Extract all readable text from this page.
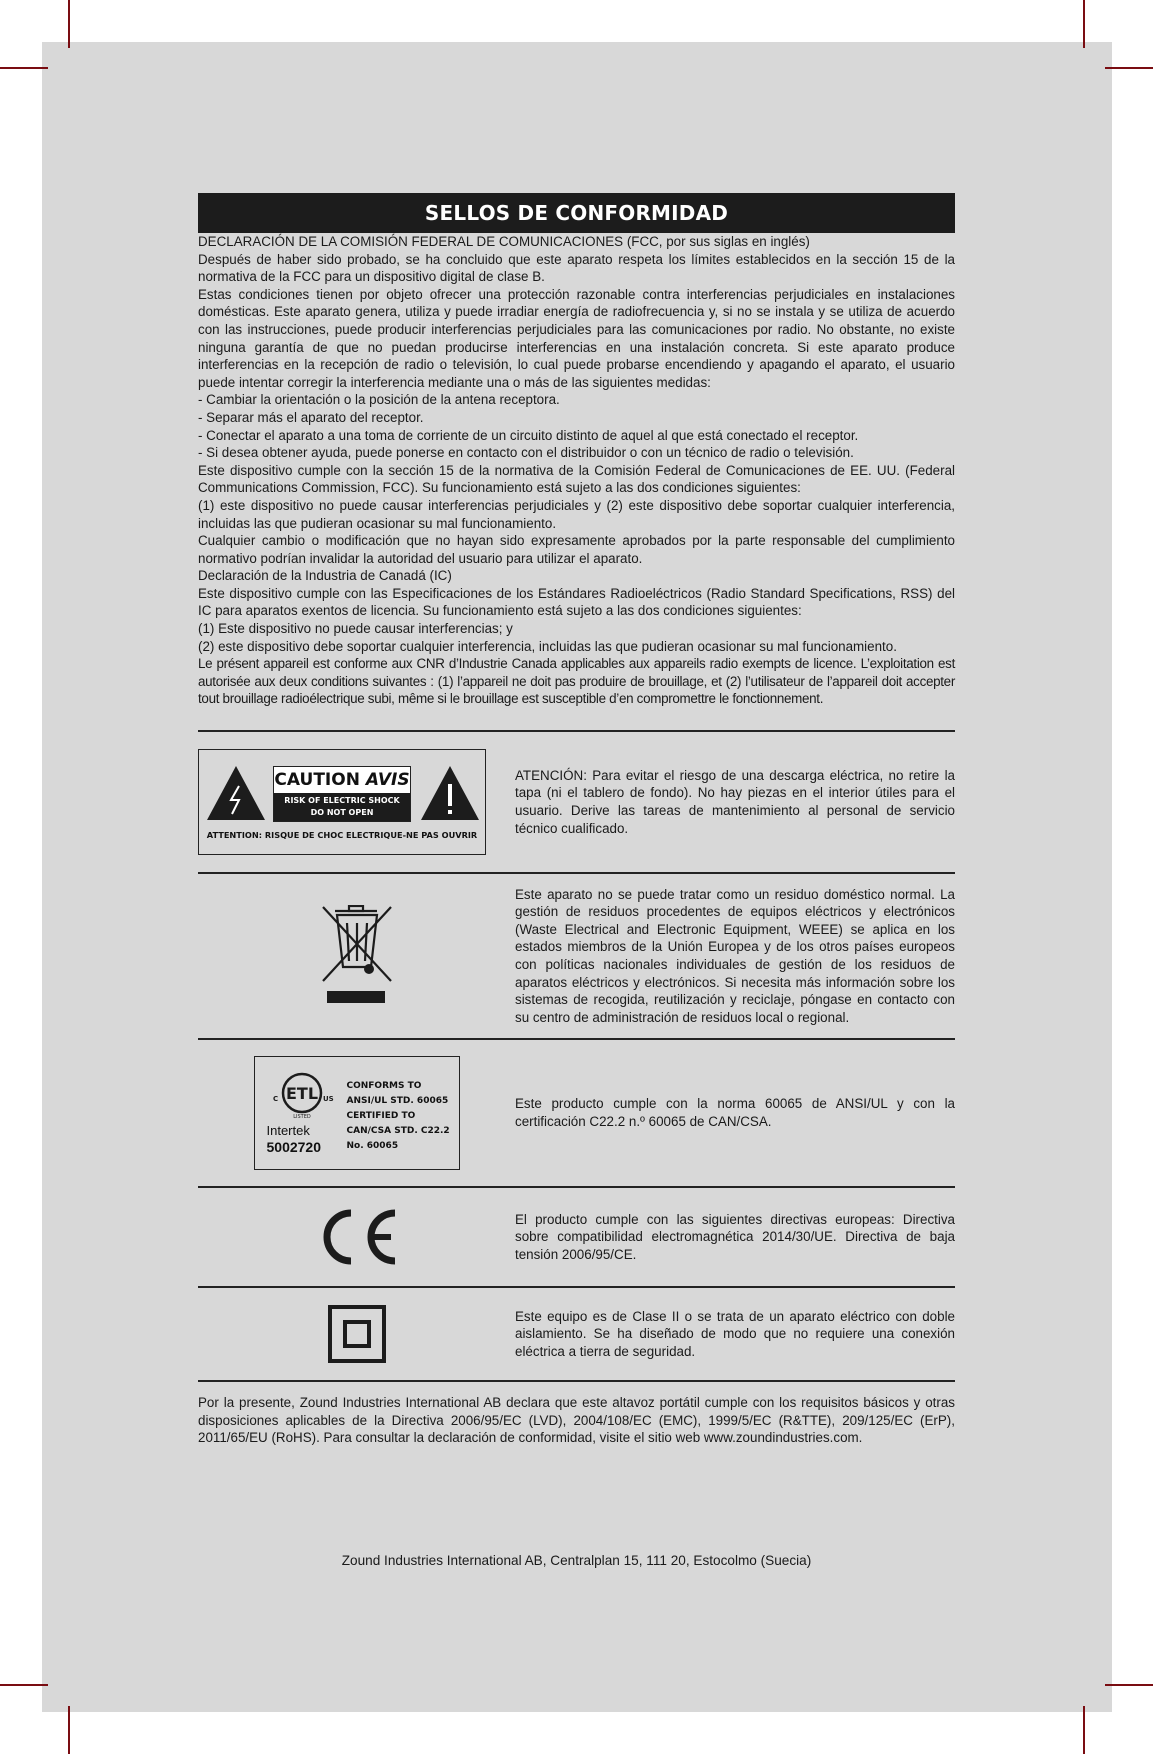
SELLOS DE CONFORMIDAD

DECLARACIÓN DE LA COMISIÓN FEDERAL DE COMUNICACIONES (FCC, por sus siglas en inglés)
Después de haber sido probado, se ha concluido que este aparato respeta los límites establecidos en la sección 15 de la normativa de la FCC para un dispositivo digital de clase B.

Estas condiciones tienen por objeto ofrecer una protección razonable contra interferencias perjudiciales en instalaciones domésticas. Este aparato genera, utiliza y puede irradiar energía de radiofrecuencia y, si no se instala y se utiliza de acuerdo con las instrucciones, puede producir interferencias perjudiciales para las comunicaciones por radio. No obstante, no existe ninguna garantía de que no puedan producirse interferencias en una instalación concreta. Si este aparato produce interferencias en la recepción de radio o televisión, lo cual puede probarse encendiendo y apagando el aparato, el usuario puede intentar corregir la interferencia mediante una o más de las siguientes medidas:
- Cambiar la orientación o la posición de la antena receptora.
- Separar más el aparato del receptor.
- Conectar el aparato a una toma de corriente de un circuito distinto de aquel al que está conectado el receptor.
- Si desea obtener ayuda, puede ponerse en contacto con el distribuidor o con un técnico de radio o televisión.

Este dispositivo cumple con la sección 15 de la normativa de la Comisión Federal de Comunicaciones de EE. UU. (Federal Communications Commission, FCC). Su funcionamiento está sujeto a las dos condiciones siguientes:
(1) este dispositivo no puede causar interferencias perjudiciales y (2) este dispositivo debe soportar cualquier interferencia, incluidas las que pudieran ocasionar su mal funcionamiento.
Cualquier cambio o modificación que no hayan sido expresamente aprobados por la parte responsable del cumplimiento normativo podrían invalidar la autoridad del usuario para utilizar el aparato.

Declaración de la Industria de Canadá (IC)
Este dispositivo cumple con las Especificaciones de los Estándares Radioeléctricos (Radio Standard Specifications, RSS) del IC para aparatos exentos de licencia. Su funcionamiento está sujeto a las dos condiciones siguientes:
(1) Este dispositivo no puede causar interferencias; y
(2) este dispositivo debe soportar cualquier interferencia, incluidas las que pudieran ocasionar su mal funcionamiento.

Le présent appareil est conforme aux CNR d’Industrie Canada applicables aux appareils radio exempts de licence. L’exploitation est autorisée aux deux conditions suivantes : (1) l’appareil ne doit pas produire de brouillage, et (2) l’utilisateur de l’appareil doit accepter tout brouillage radioélectrique subi, même si le brouillage est susceptible d’en compromettre le fonctionnement.

CAUTION AVIS
RISK OF ELECTRIC SHOCK
DO NOT OPEN
ATTENTION: RISQUE DE CHOC ELECTRIQUE-NE PAS OUVRIR
ATENCIÓN: Para evitar el riesgo de una descarga eléctrica, no retire la tapa (ni el tablero de fondo). No hay piezas en el interior útiles para el usuario. Derive las tareas de mantenimiento al personal de servicio técnico cualificado.
Este aparato no se puede tratar como un residuo doméstico normal. La gestión de residuos procedentes de equipos eléctricos y electrónicos (Waste Electrical and Electronic Equipment, WEEE) se aplica en los estados miembros de la Unión Europea y de los otros países europeos con políticas nacionales individuales de gestión de los residuos de aparatos eléctricos y electrónicos. Si necesita más información sobre los sistemas de recogida, reutilización y reciclaje, póngase en contacto con su centro de administración de residuos local o regional.
ETL
C	US
LISTED
Intertek
5002720
CONFORMS TO
ANSI/UL STD. 60065
CERTIFIED TO
CAN/CSA STD. C22.2
No. 60065
Este producto cumple con la norma 60065 de ANSI/UL y con la certificación C22.2 n.º 60065 de CAN/CSA.
El producto cumple con las siguientes directivas europeas: Directiva sobre compatibilidad electromagnética 2014/30/UE. Directiva de baja tensión 2006/95/CE.
Este equipo es de Clase II o se trata de un aparato eléctrico con doble aislamiento. Se ha diseñado de modo que no requiere una conexión eléctrica a tierra de seguridad.

Por la presente, Zound Industries International AB declara que este altavoz portátil cumple con los requisitos básicos y otras disposiciones aplicables de la Directiva 2006/95/EC (LVD), 2004/108/EC (EMC), 1999/5/EC (R&TTE), 209/125/EC (ErP), 2011/65/EU (RoHS). Para consultar la declaración de conformidad, visite el sitio web www.zoundindustries.com.

Zound Industries International AB, Centralplan 15, 111 20, Estocolmo (Suecia)
